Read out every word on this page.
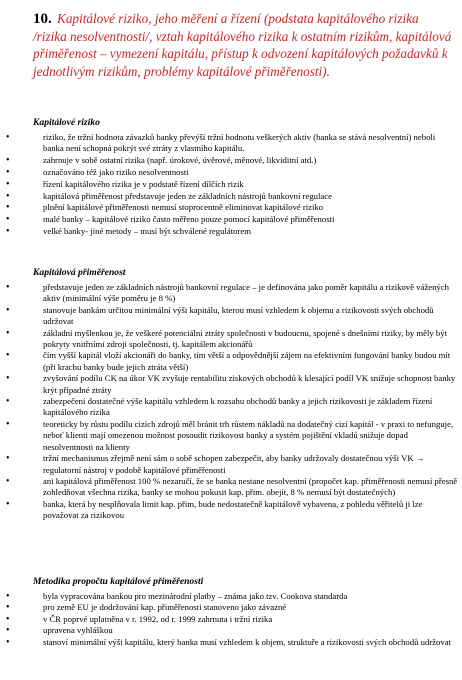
10. Kapitálové riziko, jeho měření a řízení (podstata kapitálového rizika /rizika nesolventnosti/, vztah kapitálového rizika k ostatním rizikům, kapitálová přiměřenost – vymezení kapitálu, přístup k odvození kapitálových požadavků k jednotlivým rizikům, problémy kapitálové přiměřenosti).
Kapitálové riziko
• riziko, že tržní hodnota závazků banky převýší tržní hodnotu veškerých aktiv (banka se stává nesolventní) neboli banka není schopná pokrýt své ztráty z vlastního kapitálu.
• zahrnuje v sobě ostatní rizika (např. úrokové, úvěrové, měnové, likviditní atd.)
• označováno též jako riziko nesolventnosti
• řízení kapitálového rizika je v podstatě řízení dílčích rizik
• kapitálová přiměřenost představuje jeden ze základních nástrojů bankovní regulace
• plnění kapitálové přiměřenosti nemusí stoprocentně eliminovat kapitálové riziko
• malé banky – kapitálové riziko často měřeno pouze pomocí kapitálové přiměřenosti
• velké banky- jiné metody – musí být schválené regulátorem
Kapitálová přiměřenost
• představuje jeden ze základních nástrojů bankovní regulace – je definována jako poměr kapitálu a rizikově vážených aktiv (minimální výše poměru je 8 %)
• stanovuje bankám určitou minimální výši kapitálu, kterou musí vzhledem k objemu a rizikovosti svých obchodů udržovat
• základní myšlenkou je, že veškeré potenciální ztráty společnosti v budoucnu, spojené s dnešními riziky, by měly být pokryty vnitřními zdroji společnosti, tj. kapitálem akcionářů
• čím vyšší kapitál vloží akcionáři do banky, tím větší a odpovědnější zájem na efektivním fungování banky budou mít (při krachu banky bude jejich ztráta větší)
• zvyšování podílu CK na úkor VK zvyšuje rentabilitu ziskových obchodů k klesající podíl VK snižuje schopnost banky krýt případné ztráty
• zabezpečení dostatečné výše kapitálu vzhledem k rozsahu obchodů banky a jejich rizikovosti je základem řízení kapitálového rizika
• teoreticky by růstu podílu cizích zdrojů měl bránit trh růstem nákladů na dodatečný cizí kapitál - v praxi to nefunguje, neboť klienti mají omezenou možnost posoudit rizikovost banky a systém pojištění vkladů snižuje dopad nesolventnosti na klienty
• tržní mechanismus zřejmě není sám o sobě schopen zabezpečit, aby banky udržovaly dostatečnou výši VK → regulatorní nástroj v podobě kapitálové přiměřenosti
• ani kapitálová přiměřenost 100 % nezaručí, že se banka nestane nesolventní (propočet kap. přiměřenosti nemusí přesně zohledňovat všechna rizika, banky se mohou pokusit kap. přim. obejít, 8 % nemusí být dostatečných)
• banka, která by nesplňovala limit kap. přim, bude nedostatečně kapitálově vybavena, z pohledu věřitelů ji lze považovat za rizikovou
Metodika propočtu kapitálové přiměřenosti
• byla vypracována bankou pro mezinárodní platby – známa jako tzv. Cookova standarda
• pro země EU je dodržování kap. přiměřenosti stanoveno jako závazné
• v ČR poprvé uplatněna v r. 1992, od r. 1999 zahrnuta i tržní rizika
• upravena vyhláškou
• stanoví minimální výši kapitálu, který banka musí vzhledem k objem, struktuře a rizikovosti svých obchodů udržovat
